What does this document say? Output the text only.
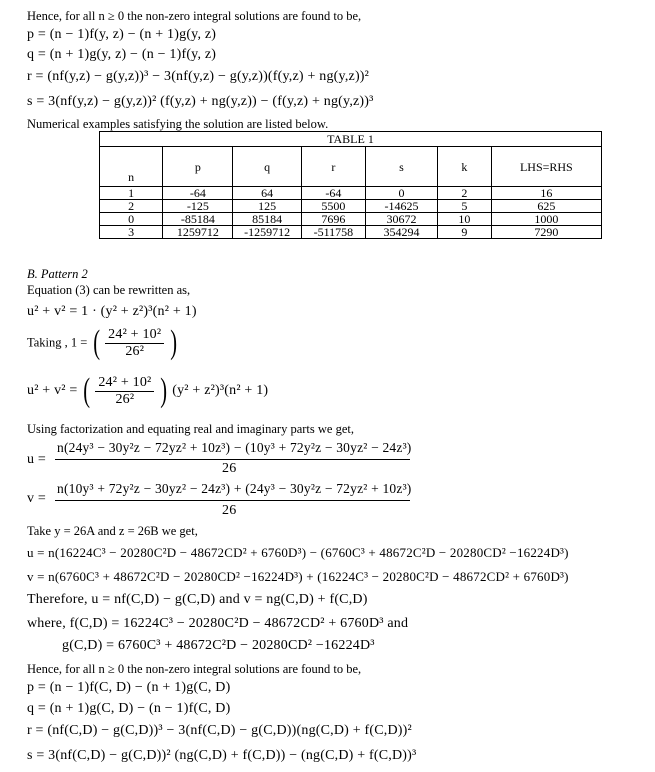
Hence, for all n ≥ 0 the non-zero integral solutions are found to be,
p = (n − 1)f(y, z) − (n + 1)g(y, z)
q = (n + 1)g(y, z) − (n − 1)f(y, z)
r = (nf(y,z) − g(y,z))³ − 3(nf(y,z) − g(y,z))(f(y,z) + ng(y,z))²
s = 3(nf(y,z) − g(y,z))² (f(y,z) + ng(y,z)) − (f(y,z) + ng(y,z))³
Numerical examples satisfying the solution are listed below.
TABLE 1						
n	p	q	r	s	k	LHS=RHS
1	-64	64	-64	0	2	16
2	-125	125	5500	-14625	5	625
0	-85184	85184	7696	30672	10	1000
3	1259712	-1259712	-511758	354294	9	7290
B. Pattern 2
Equation (3) can be rewritten as,
u² + v² = 1 · (y² + z²)³(n² + 1)
Taking , 1 = ( $\frac{\text{24² + 10²}}{\text{26²}}$ )
u² + v² = ( $\frac{\text{24² + 10²}}{\text{26²}}$ ) (y² + z²)³(n² + 1)
Using factorization and equating real and imaginary parts we get,
u =
n(24y³ − 30y²z − 72yz² + 10z³) − (10y³ + 72y²z − 30yz² − 24z³)
26
v =
n(10y³ + 72y²z − 30yz² − 24z³) + (24y³ − 30y²z − 72yz² + 10z³)
26
Take y = 26A and z = 26B we get,
u = n(16224C³ − 20280C²D − 48672CD² + 6760D³) − (6760C³ + 48672C²D − 20280CD² −16224D³)
v = n(6760C³ + 48672C²D − 20280CD² −16224D³) + (16224C³ − 20280C²D − 48672CD² + 6760D³)
Therefore, u = nf(C,D) − g(C,D) and v = ng(C,D) + f(C,D)
where, f(C,D) = 16224C³ − 20280C²D − 48672CD² + 6760D³ and
g(C,D) = 6760C³ + 48672C²D − 20280CD² −16224D³
Hence, for all n ≥ 0 the non-zero integral solutions are found to be,
p = (n − 1)f(C, D) − (n + 1)g(C, D)
q = (n + 1)g(C, D) − (n − 1)f(C, D)
r = (nf(C,D) − g(C,D))³ − 3(nf(C,D) − g(C,D))(ng(C,D) + f(C,D))²
s = 3(nf(C,D) − g(C,D))² (ng(C,D) + f(C,D)) − (ng(C,D) + f(C,D))³
